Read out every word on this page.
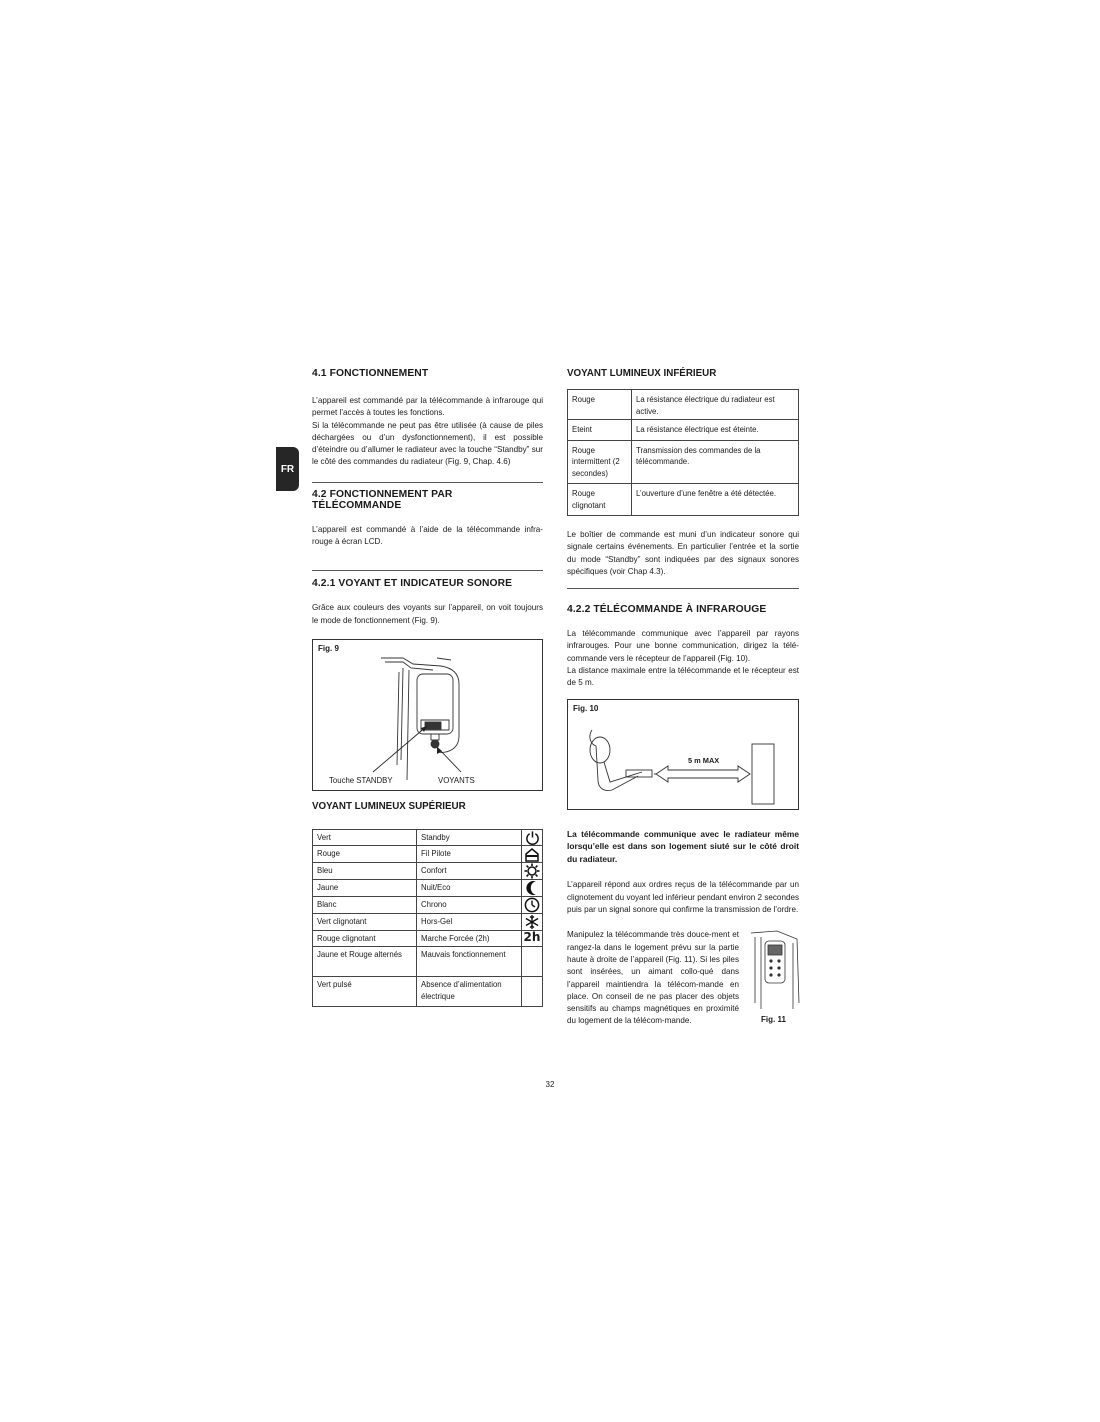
FR
4.1 FONCTIONNEMENT

L’appareil est commandé par la télécommande à infrarouge qui permet l’accès à toutes les fonctions.

Si la télécommande ne peut pas être utilisée (à cause de piles déchargées ou d’un dysfonctionnement), il est possible d’éteindre ou d’allumer le radiateur avec la touche “Standby” sur le côté des commandes du radiateur (Fig. 9, Chap. 4.6)

4.2 FONCTIONNEMENT PAR TÉLÉCOMMANDE

L’appareil est commandé à l’aide de la télécommande infra-rouge à écran LCD.

4.2.1 VOYANT ET INDICATEUR SONORE

Grâce aux couleurs des voyants sur l’appareil, on voit toujours le mode de fonctionnement (Fig. 9).

Fig. 9
Touche STANDBY	VOYANTS
VOYANT LUMINEUX SUPÉRIEUR
Vert	Standby	

Rouge	Fil Pilote	

Bleu	Confort	

Jaune	Nuit/Eco	

Blanc	Chrono	

Vert clignotant	Hors-Gel	

Rouge clignotant	Marche Forcée (2h)	2h
Jaune et Rouge alternés	Mauvais fonctionnement	
Vert pulsé	Absence d’alimentation électrique	
VOYANT LUMINEUX INFÉRIEUR
Rouge	La résistance électrique du radiateur est active.
Eteint	La résistance électrique est éteinte.
Rouge intermittent (2 secondes)	Transmission des commandes de la télécommande.
Rouge clignotant	L’ouverture d’une fenêtre a été détectée.

Le boîtier de commande est muni d’un indicateur sonore qui signale certains événements. En particulier l’entrée et la sortie du mode “Standby” sont indiquées par des signaux sonores spécifiques (voir Chap 4.3).

4.2.2 TÉLÉCOMMANDE À INFRAROUGE

La télécommande communique avec l’appareil par rayons infrarouges. Pour une bonne communication, dirigez la télé-commande vers le récepteur de l’appareil (Fig. 10).

La distance maximale entre la télécommande et le récepteur est de 5 m.

Fig. 10
5 m MAX

La télécommande communique avec le radiateur même lorsqu’elle est dans son logement siuté sur le côté droit du radiateur.

L’appareil répond aux ordres reçus de la télécommande par un clignotement du voyant led inférieur pendant environ 2 secondes puis par un signal sonore qui confirme la transmission de l’ordre.

Manipulez la télécommande très douce-ment et rangez-la dans le logement prévu sur la partie haute à droite de l’appareil (Fig. 11). Si les piles sont insérées, un aimant collo-qué dans l’appareil maintiendra la télécom-mande en place. On conseil de ne pas placer des objets sensitifs au champs magnétiques en proximité du logement de la télécom-mande.	Fig. 11
32
